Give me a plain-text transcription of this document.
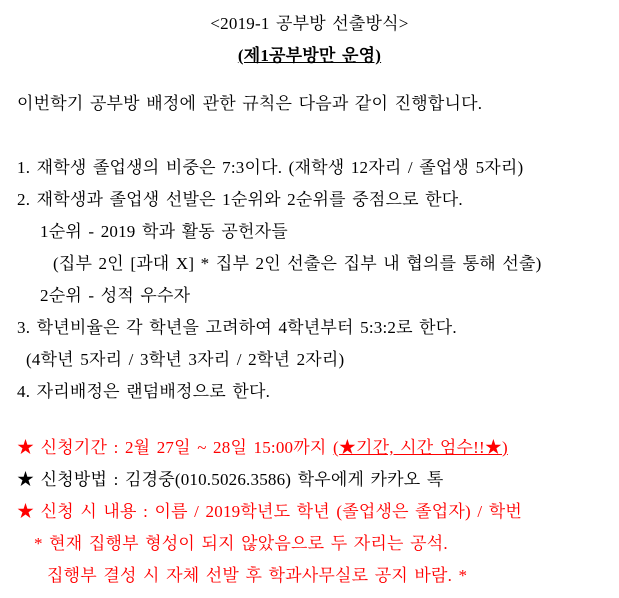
<2019-1 공부방 선출방식>
(제1공부방만 운영)
이번학기 공부방 배정에 관한 규칙은 다음과 같이 진행합니다.
1. 재학생 졸업생의 비중은 7:3이다. (재학생 12자리 / 졸업생 5자리)
2. 재학생과 졸업생 선발은 1순위와 2순위를 중점으로 한다.
1순위 - 2019 학과 활동 공헌자들
(집부 2인 [과대 X] * 집부 2인 선출은 집부 내 협의를 통해 선출)
2순위 - 성적 우수자
3. 학년비율은 각 학년을 고려하여 4학년부터 5:3:2로 한다.
(4학년 5자리 / 3학년 3자리 / 2학년 2자리)
4. 자리배정은 랜덤배정으로 한다.
★ 신청기간 : 2월 27일 ~ 28일 15:00까지 (★기간, 시간 엄수!!★)
★ 신청방법 : 김경중(010.5026.3586) 학우에게 카카오 톡
★ 신청 시 내용 : 이름 / 2019학년도 학년 (졸업생은 졸업자) / 학번
* 현재 집행부 형성이 되지 않았음으로 두 자리는 공석.
집행부 결성 시 자체 선발 후 학과사무실로 공지 바람. *
